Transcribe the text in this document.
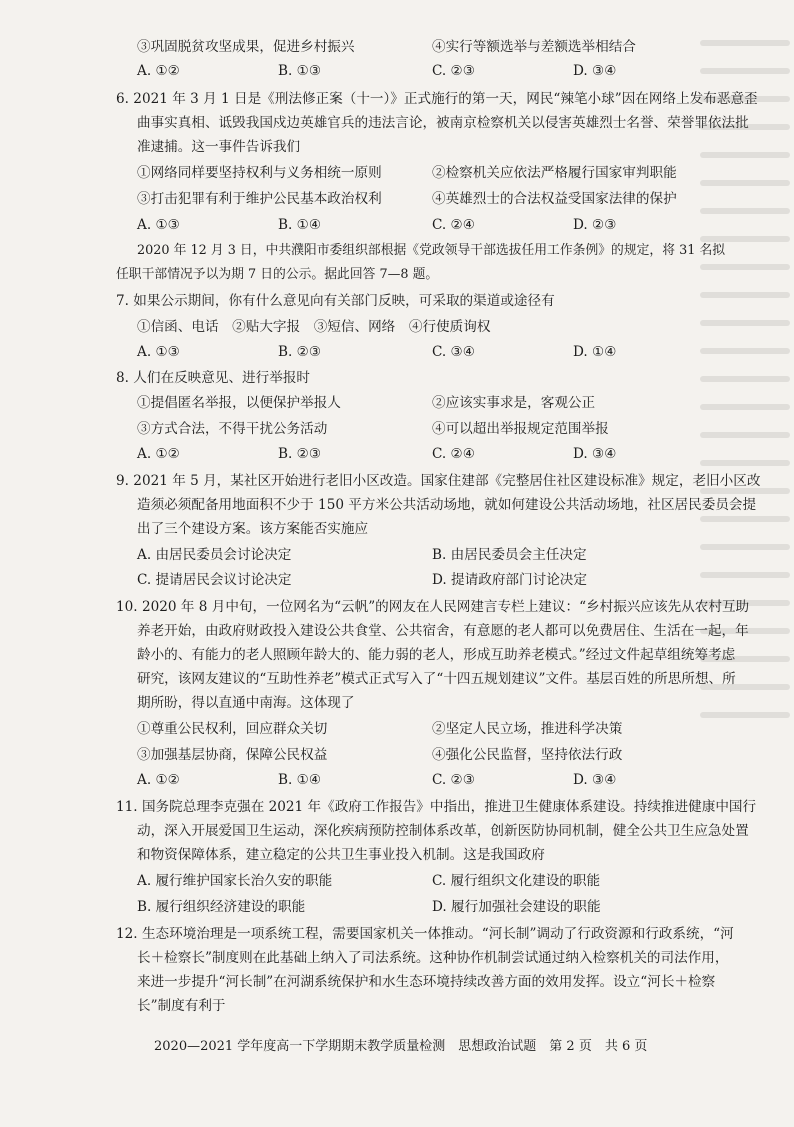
③巩固脱贫攻坚成果，促进乡村振兴	④实行等额选举与差额选举相结合
A. ①②	B. ①③	C. ②③	D. ③④
6. 2021 年 3 月 1 日是《刑法修正案（十一）》正式施行的第一天，网民“辣笔小球”因在网络上发布恶意歪
曲事实真相、诋毁我国戍边英雄官兵的违法言论，被南京检察机关以侵害英雄烈士名誉、荣誉罪依法批
准逮捕。这一事件告诉我们
①网络同样要坚持权利与义务相统一原则	②检察机关应依法严格履行国家审判职能
③打击犯罪有利于维护公民基本政治权利	④英雄烈士的合法权益受国家法律的保护
A. ①③	B. ①④	C. ②④	D. ②③
2020 年 12 月 3 日，中共濮阳市委组织部根据《党政领导干部选拔任用工作条例》的规定，将 31 名拟
任职干部情况予以为期 7 日的公示。据此回答 7—8 题。
7. 如果公示期间，你有什么意见向有关部门反映，可采取的渠道或途径有
①信函、电话　②贴大字报　③短信、网络　④行使质询权
A. ①③	B. ②③	C. ③④	D. ①④
8. 人们在反映意见、进行举报时
①提倡匿名举报，以便保护举报人	②应该实事求是，客观公正
③方式合法，不得干扰公务活动	④可以超出举报规定范围举报
A. ①②	B. ②③	C. ②④	D. ③④
9. 2021 年 5 月，某社区开始进行老旧小区改造。国家住建部《完整居住社区建设标准》规定，老旧小区改
造须必须配备用地面积不少于 150 平方米公共活动场地，就如何建设公共活动场地，社区居民委员会提
出了三个建设方案。该方案能否实施应
A. 由居民委员会讨论决定	B. 由居民委员会主任决定
C. 提请居民会议讨论决定	D. 提请政府部门讨论决定
10. 2020 年 8 月中旬，一位网名为“云帆”的网友在人民网建言专栏上建议：“乡村振兴应该先从农村互助
养老开始，由政府财政投入建设公共食堂、公共宿舍，有意愿的老人都可以免费居住、生活在一起，年
龄小的、有能力的老人照顾年龄大的、能力弱的老人，形成互助养老模式。”经过文件起草组统筹考虑
研究，该网友建议的“互助性养老”模式正式写入了“十四五规划建议”文件。基层百姓的所思所想、所
期所盼，得以直通中南海。这体现了
①尊重公民权利，回应群众关切	②坚定人民立场，推进科学决策
③加强基层协商，保障公民权益	④强化公民监督，坚持依法行政
A. ①②	B. ①④	C. ②③	D. ③④
11. 国务院总理李克强在 2021 年《政府工作报告》中指出，推进卫生健康体系建设。持续推进健康中国行
动，深入开展爱国卫生运动，深化疾病预防控制体系改革，创新医防协同机制，健全公共卫生应急处置
和物资保障体系，建立稳定的公共卫生事业投入机制。这是我国政府
A. 履行维护国家长治久安的职能	C. 履行组织文化建设的职能
B. 履行组织经济建设的职能	D. 履行加强社会建设的职能
12. 生态环境治理是一项系统工程，需要国家机关一体推动。“河长制”调动了行政资源和行政系统，“河
长＋检察长”制度则在此基础上纳入了司法系统。这种协作机制尝试通过纳入检察机关的司法作用，
来进一步提升“河长制”在河湖系统保护和水生态环境持续改善方面的效用发挥。设立“河长＋检察
长”制度有利于
2020—2021 学年度高一下学期期末教学质量检测　思想政治试题　第 2 页　共 6 页
